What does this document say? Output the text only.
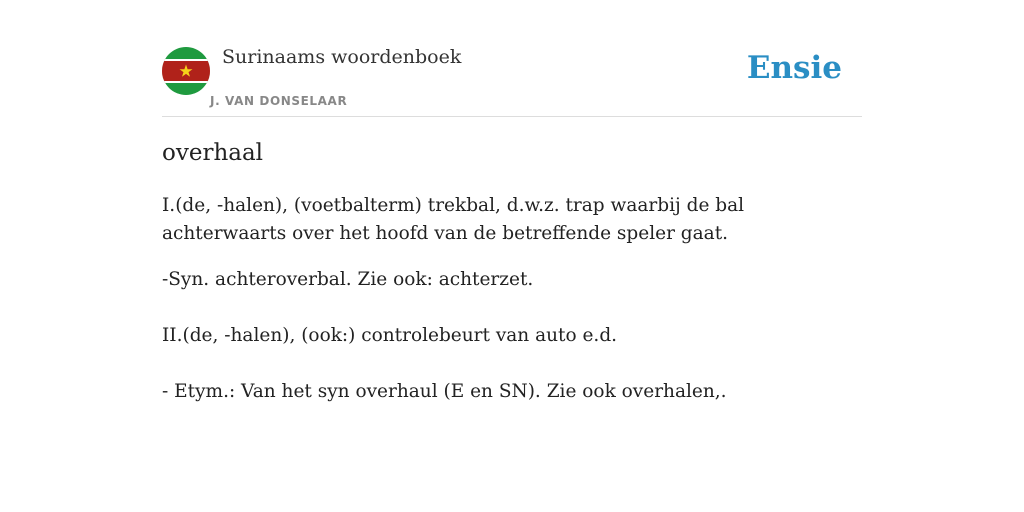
Surinaams woordenboek
J. VAN DONSELAAR
Ensie
overhaal

I.(de, -halen), (voetbalterm) trekbal, d.w.z. trap waarbij de bal achterwaarts over het hoofd van de betreffende speler gaat.

-Syn. achteroverbal. Zie ook: achterzet.

II.(de, -halen), (ook:) controlebeurt van auto e.d.

- Etym.: Van het syn overhaul (E en SN). Zie ook overhalen,.
